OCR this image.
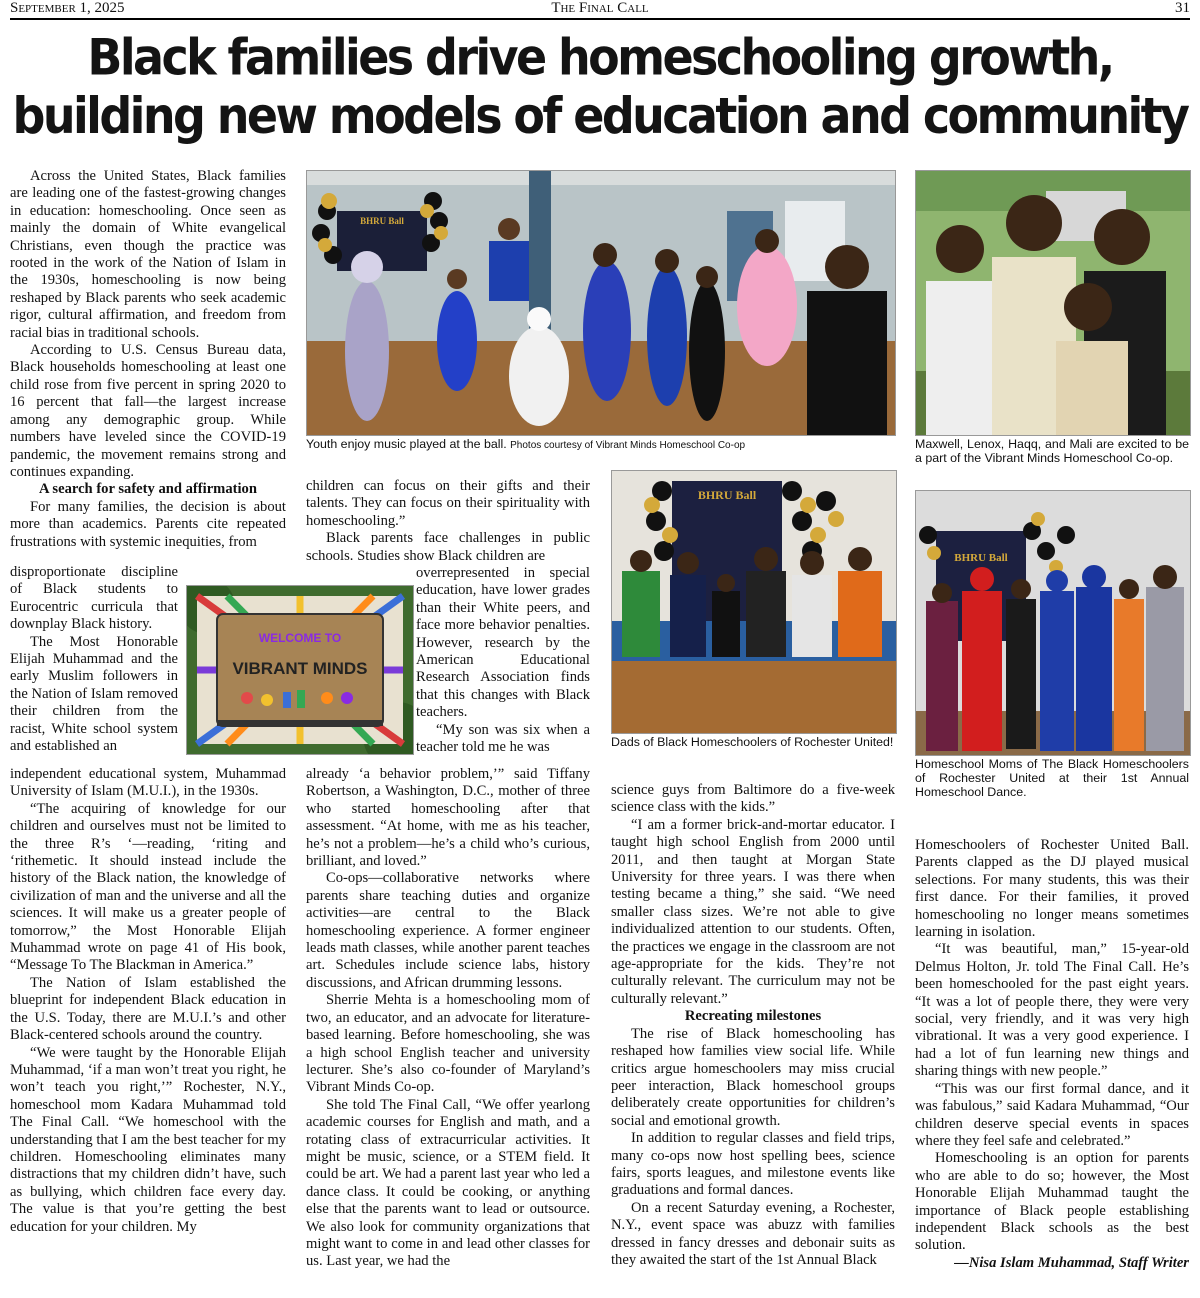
September 1, 2025	The Final Call	31
Black families drive homeschooling growth,
building new models of education and community

Across the United States, Black families are leading one of the fastest-growing changes in education: homeschooling. Once seen as mainly the domain of White evangelical Christians, even though the practice was rooted in the work of the Nation of Islam in the 1930s, homeschooling is now being reshaped by Black parents who seek academic rigor, cultural affirmation, and freedom from racial bias in traditional schools.

According to U.S. Census Bureau data, Black households homeschooling at least one child rose from five percent in spring 2020 to 16 percent that fall—the largest increase among any demographic group. While numbers have leveled since the COVID-19 pandemic, the movement remains strong and continues expanding.

A search for safety and affirmation

For many families, the decision is about more than academics. Parents cite repeated frustrations with systemic inequities, from

disproportionate discipline of Black students to Eurocentric curricula that downplay Black history.

The Most Honorable Elijah Muhammad and the early Muslim followers in the Nation of Islam removed their children from the racist, White school system and established an

independent educational system, Muhammad University of Islam (M.U.I.), in the 1930s.

“The acquiring of knowledge for our children and ourselves must not be limited to the three R’s ‘—reading, ‘riting and ‘rithemetic. It should instead include the history of the Black nation, the knowledge of civilization of man and the universe and all the sciences. It will make us a greater people of tomorrow,” the Most Honorable Elijah Muhammad wrote on page 41 of His book, “Message To The Blackman in America.”

The Nation of Islam established the blueprint for independent Black education in the U.S. Today, there are M.U.I.’s and other Black-centered schools around the country.

“We were taught by the Honorable Elijah Muhammad, ‘if a man won’t treat you right, he won’t teach you right,’” Rochester, N.Y., homeschool mom Kadara Muhammad told The Final Call. “We homeschool with the understanding that I am the best teacher for my children. Homeschooling eliminates many distractions that my children didn’t have, such as bullying, which children face every day. The value is that you’re getting the best education for your children. My

WELCOME TO
VIBRANT MINDS
BHRU Ball
Youth enjoy music played at the ball. Photos courtesy of Vibrant Minds Homeschool Co-op	Maxwell, Lenox, Haqq, and Mali are excited to be a part of the Vibrant Minds Homeschool Co-op.

children can focus on their gifts and their talents. They can focus on their spirituality with homeschooling.”

Black parents face challenges in public schools. Studies show Black children are

overrepresented in special education, have lower grades than their White peers, and face more behavior penalties. However, research by the American Educational Research Association finds that this changes with Black teachers.

“My son was six when a teacher told me he was

already ‘a behavior problem,’” said Tiffany Robertson, a Washington, D.C., mother of three who started homeschooling after that assessment. “At home, with me as his teacher, he’s not a problem—he’s a child who’s curious, brilliant, and loved.”

Co-ops—collaborative networks where parents share teaching duties and organize activities—are central to the Black homeschooling experience. A former engineer leads math classes, while another parent teaches art. Schedules include science labs, history discussions, and African drumming lessons.

Sherrie Mehta is a homeschooling mom of two, an educator, and an advocate for literature-based learning. Before homeschooling, she was a high school English teacher and university lecturer. She’s also co-founder of Maryland’s Vibrant Minds Co-op.

She told The Final Call, “We offer yearlong academic courses for English and math, and a rotating class of extracurricular activities. It might be music, science, or a STEM field. It could be art. We had a parent last year who led a dance class. It could be cooking, or anything else that the parents want to lead or outsource. We also look for community organizations that might want to come in and lead other classes for us. Last year, we had the

BHRU Ball
Dads of Black Homeschoolers of Rochester United!

science guys from Baltimore do a five-week science class with the kids.”

“I am a former brick-and-mortar educator. I taught high school English from 2000 until 2011, and then taught at Morgan State University for three years. I was there when testing became a thing,” she said. “We need smaller class sizes. We’re not able to give individualized attention to our students. Often, the practices we engage in the classroom are not age-appropriate for the kids. They’re not culturally relevant. The curriculum may not be culturally relevant.”

Recreating milestones

The rise of Black homeschooling has reshaped how families view social life. While critics argue homeschoolers may miss crucial peer interaction, Black homeschool groups deliberately create opportunities for children’s social and emotional growth.

In addition to regular classes and field trips, many co-ops now host spelling bees, science fairs, sports leagues, and milestone events like graduations and formal dances.

On a recent Saturday evening, a Rochester, N.Y., event space was abuzz with families dressed in fancy dresses and debonair suits as they awaited the start of the 1st Annual Black

BHRU Ball
Homeschool Moms of The Black Homeschoolers of Rochester United at their 1st Annual Homeschool Dance.

Homeschoolers of Rochester United Ball. Parents clapped as the DJ played musical selections. For many students, this was their first dance. For their families, it proved homeschooling no longer means sometimes learning in isolation.

“It was beautiful, man,” 15-year-old Delmus Holton, Jr. told The Final Call. He’s been homeschooled for the past eight years. “It was a lot of people there, they were very social, very friendly, and it was very high vibrational. It was a very good experience. I had a lot of fun learning new things and sharing things with new people.”

“This was our first formal dance, and it was fabulous,” said Kadara Muhammad, “Our children deserve special events in spaces where they feel safe and celebrated.”

Homeschooling is an option for parents who are able to do so; however, the Most Honorable Elijah Muhammad taught the importance of Black people establishing independent Black schools as the best solution.

—Nisa Islam Muhammad, Staff Writer
